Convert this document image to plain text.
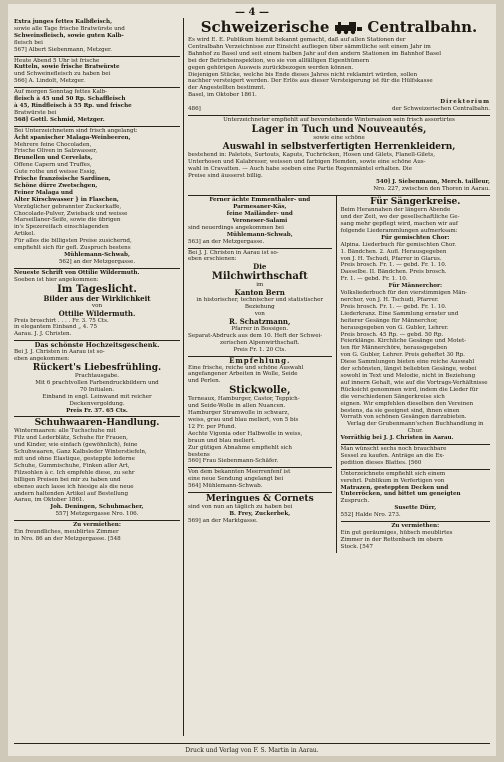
— 4 —

Extra junges fettes Kalbfleisch,

sowie alle Tage frische Bratwürste und

Schweinsfleisch, sowie guten Kalb-

fleisch bei

567] Albert Siebenmann, Metzger.

Heute Abend 5 Uhr ist frische

Kutteln, sowie frische Bratwürste

und Schweinefleisch zu haben bei

566] A. Lindolt, Metzger.

Auf morgen Sonntag fettes Kalb-

fleisch à 45 und 50 Rp. Schaffleisch

à 45, Rindfleisch à 55 Rp. und frische

Bratwürste bei

568] Gottl. Schmid, Metzger.

Bei Unterzeichnetem sind frisch angelangt:

Ächt spanischer Malaga-Weinbeeren,

Mehrere feine Chocoladen,

Frische Oliven in Salzwasser,

Brunellen und Cervelats,

Offene Capern und Truffes,

Gute rothe und weisse Essig,

Frische französische Sardinen,

Schöne dürre Zwetschgen,

Feiner Malaga und

Alter Kirschwasser } in Flaschen,

Vorzüglicher gebrannter Zuckerkaffe,

Chocolade-Pulver, Zwieback und weisse

Marseillaner-Seife, sowie die übrigen

in's Spezereifach einschlagenden

Artikel.

Für alles die billigsten Preise zusichernd,

empfiehlt sich für gefl. Zuspruch bestens

Mühlemann-Schwab,

562] an der Metzgergasse.

Neueste Schrift von Ottilie Wildermuth.

Soeben ist hier angekommen:

Im Tageslicht.

Bilder aus der Wirklichkeit

von

Ottilie Wildermuth.

Preis broschirt . . . . Fr. 3. 75 Cts.

in elegantem Einband „ 4. 75

Aarau. J. J. Christen.

Das schönste Hochzeitsgeschenk.

Bei J. J. Christen in Aarau ist so-

eben angekommen:

Rückert's Liebesfrühling.

Prachtausgabe.

Mit 6 prachtvollen Farbendruckbildern und

70 Initialen.

Einband in engl. Leinwand mit reicher

Deckenvergoldung.

Preis Fr. 37. 65 Cts.

Schuhwaaren-Handlung.

Wintermaaren: alle Tuchschuhe mit

Filz und Lederblätz, Schuhe für Frauen,

und Kinder, wie einfach (gewöhnlich), feine

Schuhwaaren, Ganz Kalbsleder Winterstiefeln,

mit und ohne Elastique, gesteppte lederne

Schuhe, Gummischuhe, Finken aller Art,

Filzsohlen à c. Ich empfehle diese, zu sehr

billigen Preisen bei mir zu haben und

ebenso auch lasse ich hiesige als die neue

andern haltenden Artikel auf Bestellung

Aarau, im Oktober 1861.

Joh. Deningen, Schuhmacher,

557] Metzgergasse Nro. 106.

Zu vermiethen:

Ein freundliches, meublirtes Zimmer

in Nro. 86 an der Metzgergasse. [548

Schweizerische	Centralbahn.

Es wird E. E. Publikum hiemit bekannt gemacht, daß auf allen Stationen der

Centralbahn Verzeichnisse zur Einsicht aufliegen über sämmtliche seit einem Jahr im

Bahnhof zu Basel und seit einem halben Jahr auf den andern Stationen im Bahnhof Basel

bei der Betriebsinspektion, wo sie von allfälligen Eigenthümern

gegen gehörigen Ausweis zurückbezogen werden können.

Diejenigen Stücke, welche bis Ende dieses Jahres nicht reklamirt würden, sollen

nachher versteigert werden. Der Erlös aus dieser Versteigerung ist für die Hülfskasse

der Angestellten bestimmt.

Basel, im Oktober 1861.

Direktorium

486]	der Schweizerischen Centralbahn.

Unterzeichneter empfiehlt auf bevorstehende Wintersaison sein frisch assortirtes

Lager in Tuch und Nouveautés,

sowie eine schöne

Auswahl in selbstverfertigten Herrenkleidern,

bestehend in: Paletots, Surtouts, Kaputs, Tuchröcken, Hosen und Gilets, Flanell-Gilets,

Unterhosen und Kalabreser, weissen und farbigen Hemden, sowie eine schöne Aus-

wahl in Cravatten. — Auch habe soeben eine Partie Regenmäntel erhalten. Die

Preise sind äusserst billig.

540] J. Siebenmann, Merch. tailleur,

Nro. 227, zwischen den Thoren in Aarau.

Ferner ächte Emmenthaler- und

Parmesaner-Käs,

feine Mailänder- und

Veroneser-Salami

sind neuerdings angekommen bei

Mühlemann-Schwab,

563] an der Metzgergasse.

Bei J. J. Christen in Aarau ist so-

eben erschienen:

Die

Milchwirthschaft

im

Kanton Bern

in historischer, technischer und statistischer

Beziehung

von

R. Schatzmann,

Pfarrer in Bossigen.

Separat-Abdruck aus dem 10. Heft der Schwei-

zerischen Alpenwirthschaft.

Preis Fr. 1. 20 Cts.

Empfehlung.

Eine frische, reiche und schöne Auswahl

angefangener Arbeiten in Wolle, Seide

und Perlen.

Stickwolle,

Terneaux, Hamburger, Castor, Teppich-

und Seide-Wolle in allen Nuancen.

Hamburger Stramwolle in schwarz,

weiss, grau und blau meliert, von 5 bis

12 Fr. per Pfund.

Aechte Vigonia oder Halbwolle in weiss,

braun und blau meliert.

Zur gütigen Abnahme empfiehlt sich

bestens

560] Frau Siebenmann-Schäfer.

Von dem bekannten Meerrenfenf ist

eine neue Sendung angelangt bei

564] Mühlemann-Schwab.

Meringues & Cornets

sind von nun an täglich zu haben bei

B. Frey, Zuckerbek,

569] an der Marktgasse.

Für Sängerkreise.

Beim Herannahen der längern Abende

und der Zeit, wo der gesellschaftliche Ge-

sang mehr gepflegt wird, machen wir auf

folgende Liederammlungen aufmerksam:

Für gemischten Chor:

Alpina. Liederbuch für gemischten Chor.

1. Bändchen. 2. Aufl. Herausgegeben

von J. H. Tschudi, Pfarrer in Glarus.

Preis brosch. Fr. 1. — gebd. Fr. 1. 10.

Dasselbe. II. Bändchen. Preis brosch.

Fr. 1. — gebd. Fr. 1. 10.

Für Männerchor:

Volksliederbuch für den vierstimmigen Män-

nerchor, von J. H. Tschudi, Pfarrer.

Preis brosch. Fr. 1. — gebd. Fr. 1. 10.

Liederkranz. Eine Sammlung ernster und

heiterer Gesänge für Männerchor,

herausgegeben von G. Gubler, Lehrer.

Preis brosch. 45 Rp. — gebd. 50 Rp.

Feierklänge. Kirchliche Gesänge und Motet-

ten für Männerchöre, herausgegeben

von G. Gubler, Lehrer. Preis geheftet 30 Rp.

Diese Sammlungen bieten eine reiche Auswahl

der schönsten, längst beliebten Gesänge, wobei

sowohl in Text und Melodie, nicht in Beziehung

auf innern Gehalt, wie auf die Vortrags-Verhältnisse

Rücksicht genommen wird, indem die Lieder für

die verschiedenen Sängerkreise sich

eignen. Wir empfehlen dieselben den Vereinen

bestens, da sie geeignet sind, ihnen einen

Vorrath von schönen Gesängen darzubieten.

Verlag der Grubenmann'schen Buchhandlung in Chur.

Vorräthig bei J. J. Christen in Aarau.

Man wünscht sechs noch brauchbare

Sessel zu kaufen. Anträge an die Ex-

pedition dieses Blattes. [560

Unterzeichnete empfiehlt sich einem

verehrl. Publikum in Verfertigen von

Matrazen, gesteppten Decken und

Unterröcken, und bittet um geneigten

Zuspruch.

Susette Dürr,

552] Halde Nro. 273.

Zu vermiethen:

Ein gut geräumiges, hübsch meublirtes

Zimmer in der Rettenbach im obern

Stock. [547

Druck und Verlag von F. S. Martin in Aarau.
